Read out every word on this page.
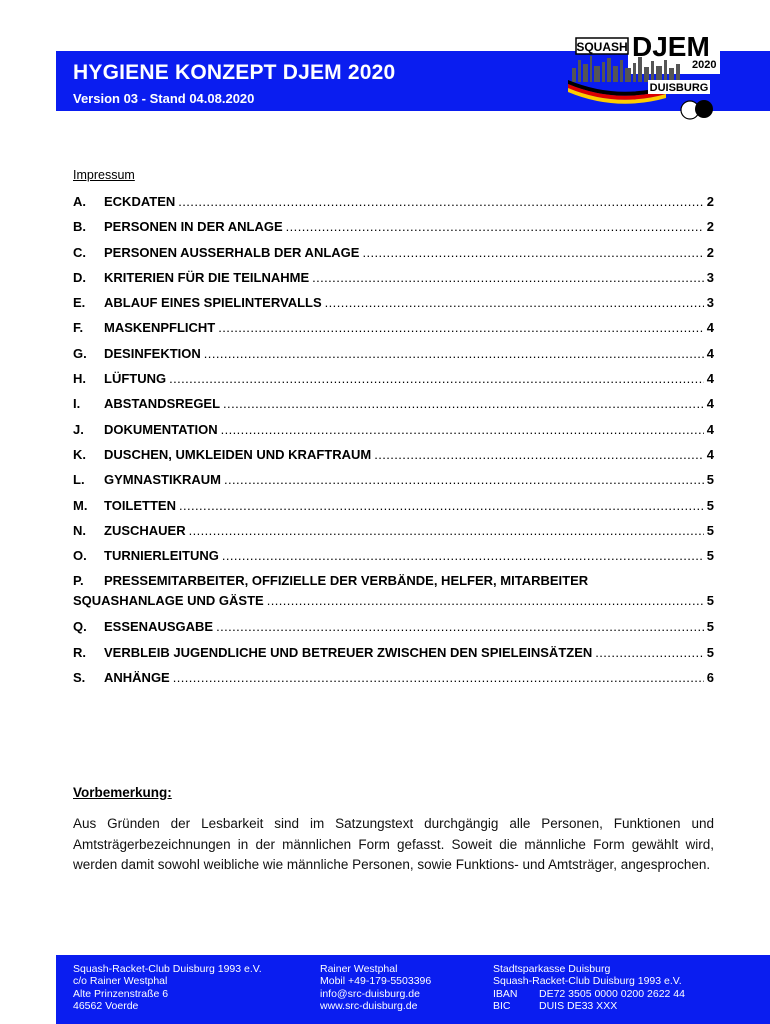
HYGIENE KONZEPT DJEM 2020
Version 03 - Stand 04.08.2020
SQUASH DJEM
2020
DUISBURG
Impressum
A.	ECKDATEN .....	2
B.	PERSONEN IN DER ANLAGE .....	2
C.	PERSONEN AUSSERHALB DER ANLAGE .....	2
D.	KRITERIEN FÜR DIE TEILNAHME .....	3
E.	ABLAUF EINES SPIELINTERVALLS .....	3
F.	MASKENPFLICHT .....	4
G.	DESINFEKTION .....	4
H.	LÜFTUNG .....	4
I.	ABSTANDSREGEL .....	4
J.	DOKUMENTATION .....	4
K.	DUSCHEN, UMKLEIDEN UND KRAFTRAUM .....	4
L.	GYMNASTIKRAUM .....	5
M.	TOILETTEN .....	5
N.	ZUSCHAUER .....	5
O.	TURNIERLEITUNG .....	5
P.	PRESSEMITARBEITER, OFFIZIELLE DER VERBÄNDE, HELFER, MITARBEITER
SQUASHANLAGE UND GÄSTE .....	5
Q.	ESSENAUSGABE .....	5
R.	VERBLEIB JUGENDLICHE UND BETREUER ZWISCHEN DEN SPIELEINSÄTZEN .....	5
S.	ANHÄNGE .....	6
Vorbemerkung:
Aus Gründen der Lesbarkeit sind im Satzungstext durchgängig alle Personen, Funktionen und Amtsträgerbezeichnungen in der männlichen Form gefasst. Soweit die männliche Form gewählt wird, werden damit sowohl weibliche wie männliche Personen, sowie Funktions- und Amtsträger, angesprochen.
Squash-Racket-Club Duisburg 1993 e.V.
c/o Rainer Westphal
Alte Prinzenstraße 6
46562 Voerde
Rainer Westphal
Mobil +49-179-5503396
info@src-duisburg.de
www.src-duisburg.de
Stadtsparkasse Duisburg
Squash-Racket-Club Duisburg 1993 e.V.
IBAN	DE72 3505 0000 0200 2622 44
BIC	DUIS DE33 XXX
